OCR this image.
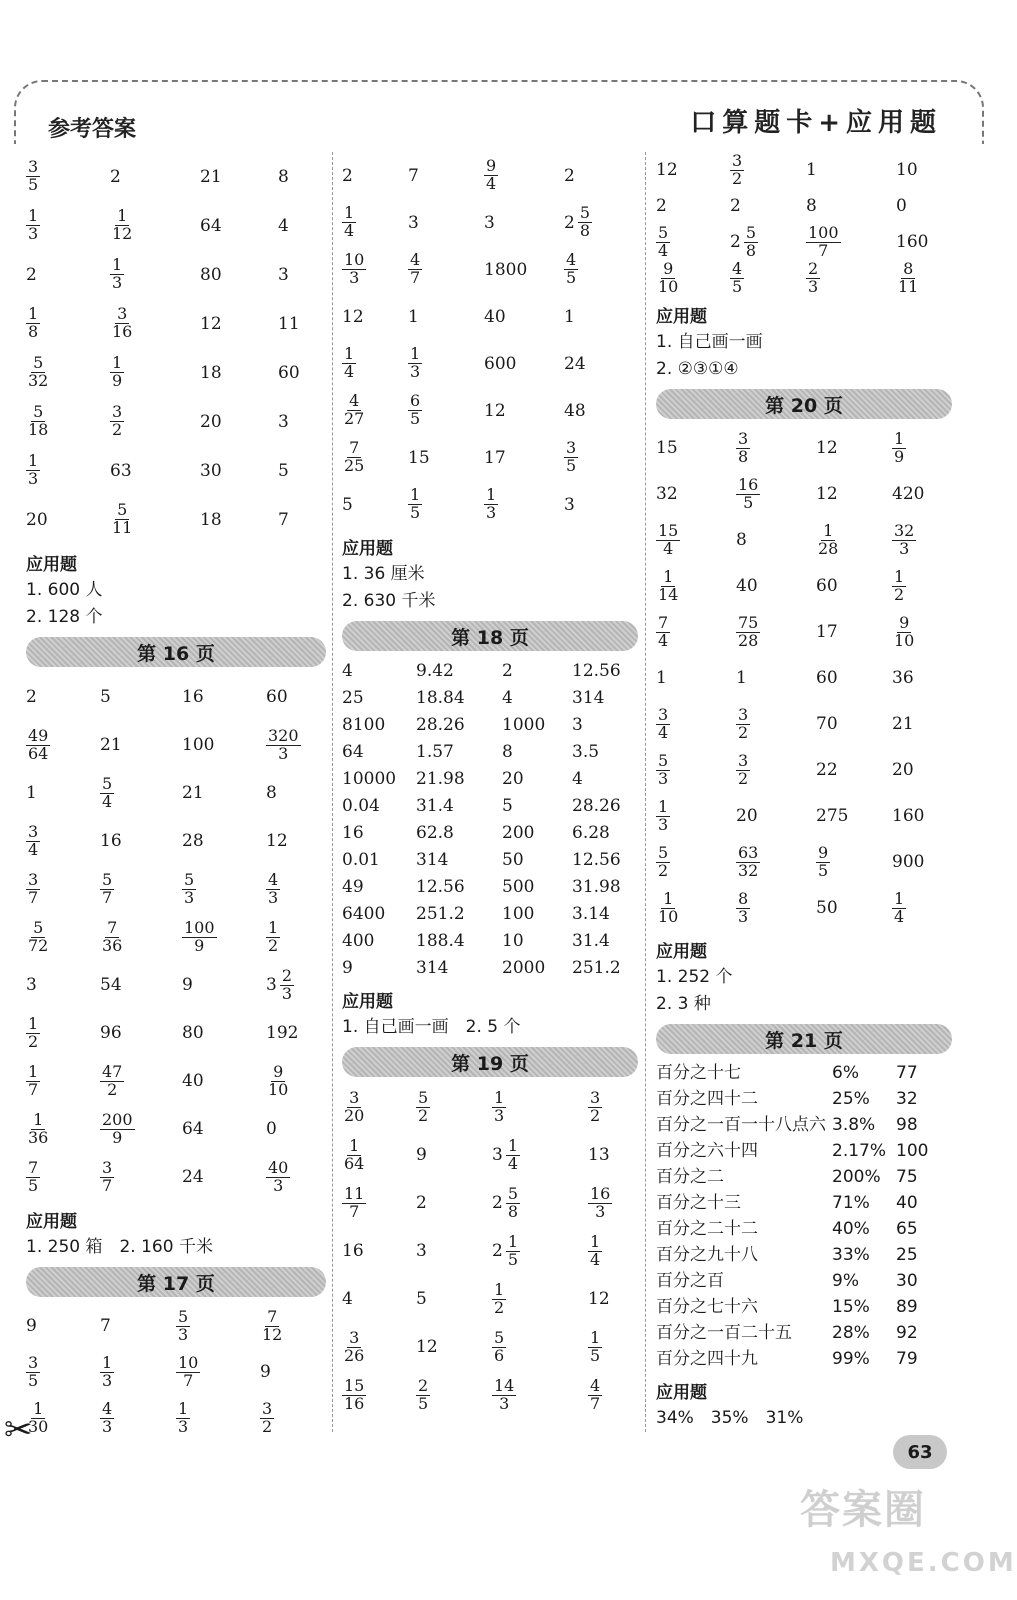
参考答案	口算题卡+应用题
$\frac{3}{5}$	2	21	8
$\frac{1}{3}$	$\frac{1}{12}$	64	4
2	$\frac{1}{3}$	80	3
$\frac{1}{8}$	$\frac{3}{16}$	12	11
$\frac{5}{32}$	$\frac{1}{9}$	18	60
$\frac{5}{18}$	$\frac{3}{2}$	20	3
$\frac{1}{3}$	63	30	5
20	$\frac{5}{11}$	18	7
应用题
1. 600 人
2. 128 个
第 16 页
2	5	16	60
$\frac{49}{64}$	21	100	$\frac{320}{3}$
1	$\frac{5}{4}$	21	8
$\frac{3}{4}$	16	28	12
$\frac{3}{7}$	$\frac{5}{7}$	$\frac{5}{3}$	$\frac{4}{3}$
$\frac{5}{72}$	$\frac{7}{36}$	$\frac{100}{9}$	$\frac{1}{2}$
3	54	9	$3 \frac{2}{3}$
$\frac{1}{2}$	96	80	192
$\frac{1}{7}$	$\frac{47}{2}$	40	$\frac{9}{10}$
$\frac{1}{36}$	$\frac{200}{9}$	64	0
$\frac{7}{5}$	$\frac{3}{7}$	24	$\frac{40}{3}$
应用题
1. 250 箱　2. 160 千米
第 17 页
9	7	$\frac{5}{3}$	$\frac{7}{12}$
$\frac{3}{5}$	$\frac{1}{3}$	$\frac{10}{7}$	9
$\frac{1}{30}$	$\frac{4}{3}$	$\frac{1}{3}$	$\frac{3}{2}$
2	7	$\frac{9}{4}$	2
$\frac{1}{4}$	3	3	$2 \frac{5}{8}$
$\frac{10}{3}$	$\frac{4}{7}$	1800	$\frac{4}{5}$
12	1	40	1
$\frac{1}{4}$	$\frac{1}{3}$	600	24
$\frac{4}{27}$	$\frac{6}{5}$	12	48
$\frac{7}{25} 15$	17	$\frac{3}{5}$
5	$\frac{1}{5}$	$\frac{1}{3}$	3
应用题
1. 36 厘米
2. 630 千米
第 18 页
4	9.42	2	12.56
25	18.84	4	314
8100	28.26	1000	3
64	1.57	8	3.5
10000	21.98	20	4
0.04	31.4	5	28.26
16	62.8	200	6.28
0.01	314	50	12.56
49	12.56	500	31.98
6400	251.2	100	3.14
400	188.4	10	31.4
9	314	2000	251.2
应用题
1. 自己画一画　2. 5 个
第 19 页
$\frac{3}{20}$	$\frac{5}{2}$	$\frac{1}{3}$	$\frac{3}{2}$
$\frac{1}{64}$	9	$3 \frac{1}{4}$	13
$\frac{11}{7}$	2	$2 \frac{5}{8}$	$\frac{16}{3}$
16	3	$2 \frac{1}{5}$	$\frac{1}{4}$
4	5	$\frac{1}{2}$	12
$\frac{3}{26}$	12	$\frac{5}{6}$	$\frac{1}{5}$
$\frac{15}{16}$	$\frac{2}{5}$	$\frac{14}{3}$	$\frac{4}{7}$
12	$\frac{3}{2}$	1	10
2	2	8	0
$\frac{5}{4}$	$2 \frac{5}{8}$	$\frac{100}{7}$	160
$\frac{9}{10}$	$\frac{4}{5}$	$\frac{2}{3}$	$\frac{8}{11}$
应用题
1. 自己画一画
2. ②③①④
第 20 页
15	$\frac{3}{8}$	12	$\frac{1}{9}$
32	$\frac{16}{5}$	12	420
$\frac{15}{4}$	8	$\frac{1}{28}$	$\frac{32}{3}$
$\frac{1}{14}$	40	60	$\frac{1}{2}$
$\frac{7}{4}$	$\frac{75}{28}$	17	$\frac{9}{10}$
1	1	60	36
$\frac{3}{4}$	$\frac{3}{2}$	70	21
$\frac{5}{3}$	$\frac{3}{2}$	22	20
$\frac{1}{3}$	20	275	160
$\frac{5}{2}$	$\frac{63}{32}$	$\frac{9}{5}$	900
$\frac{1}{10}$	$\frac{8}{3}$	50	$\frac{1}{4}$
应用题
1. 252 个
2. 3 种
第 21 页
百分之十七	6%	77
百分之四十二	25%	32
百分之一百一十八点六 3.8%	98
百分之六十四	2.17% 100
百分之二	200% 75
百分之十三	71%	40
百分之二十二	40%	65
百分之九十八	33%	25
百分之百	9%	30
百分之七十六	15%	89
百分之一百二十五	28%	92
百分之四十九	99%	79
应用题
34%　35%　31%
✂
63
答案圈
MXQE.COM
